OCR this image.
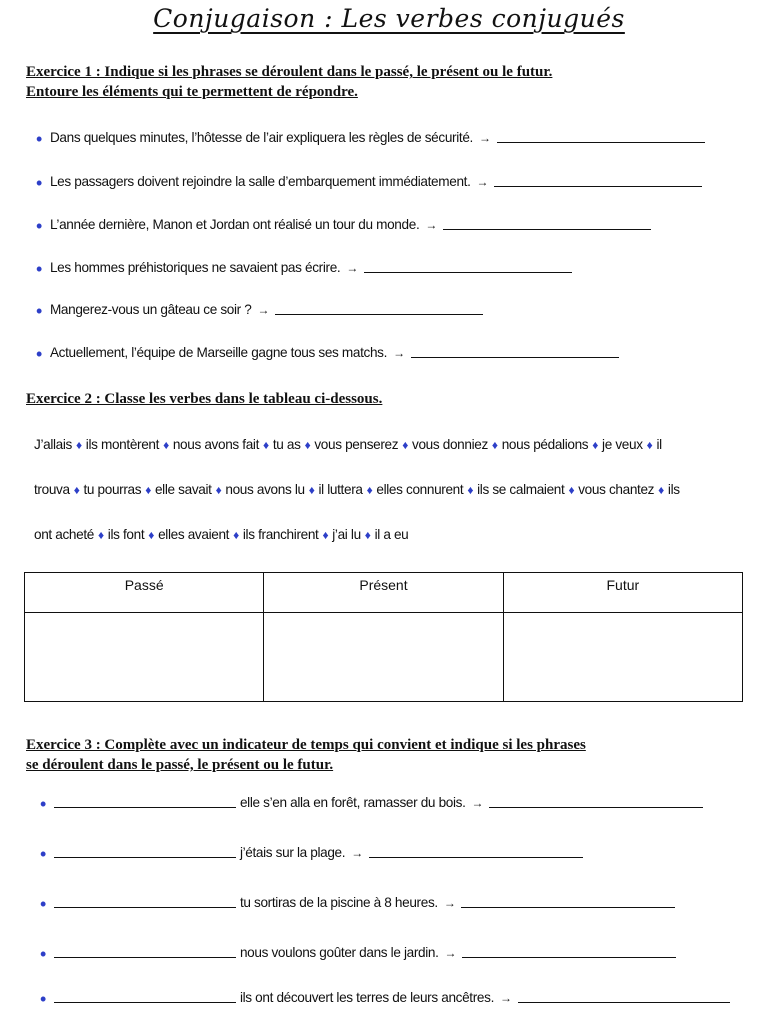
Conjugaison : Les verbes conjugués
Exercice 1 : Indique si les phrases se déroulent dans le passé, le présent ou le futur.
Entoure les éléments qui te permettent de répondre.
• Dans quelques minutes, l’hôtesse de l’air expliquera les règles de sécurité. →
• Les passagers doivent rejoindre la salle d’embarquement immédiatement. →
• L’année dernière, Manon et Jordan ont réalisé un tour du monde. →
• Les hommes préhistoriques ne savaient pas écrire. →
• Mangerez-vous un gâteau ce soir ? →
• Actuellement, l’équipe de Marseille gagne tous ses matchs. →
Exercice 2 : Classe les verbes dans le tableau ci-dessous.
J’allais ♦ ils montèrent ♦ nous avons fait ♦ tu as ♦ vous penserez ♦ vous donniez ♦ nous pédalions ♦ je veux ♦ il
trouva ♦ tu pourras ♦ elle savait ♦ nous avons lu ♦ il luttera ♦ elles connurent ♦ ils se calmaient ♦ vous chantez ♦ ils
ont acheté ♦ ils font ♦ elles avaient ♦ ils franchirent ♦ j’ai lu ♦ il a eu
Passé	Présent	Futur

Exercice 3 : Complète avec un indicateur de temps qui convient et indique si les phrases
se déroulent dans le passé, le présent ou le futur.
•	elle s’en alla en forêt, ramasser du bois. →
•	j’étais sur la plage. →
•	tu sortiras de la piscine à 8 heures. →
•	nous voulons goûter dans le jardin. →
•	ils ont découvert les terres de leurs ancêtres. →
